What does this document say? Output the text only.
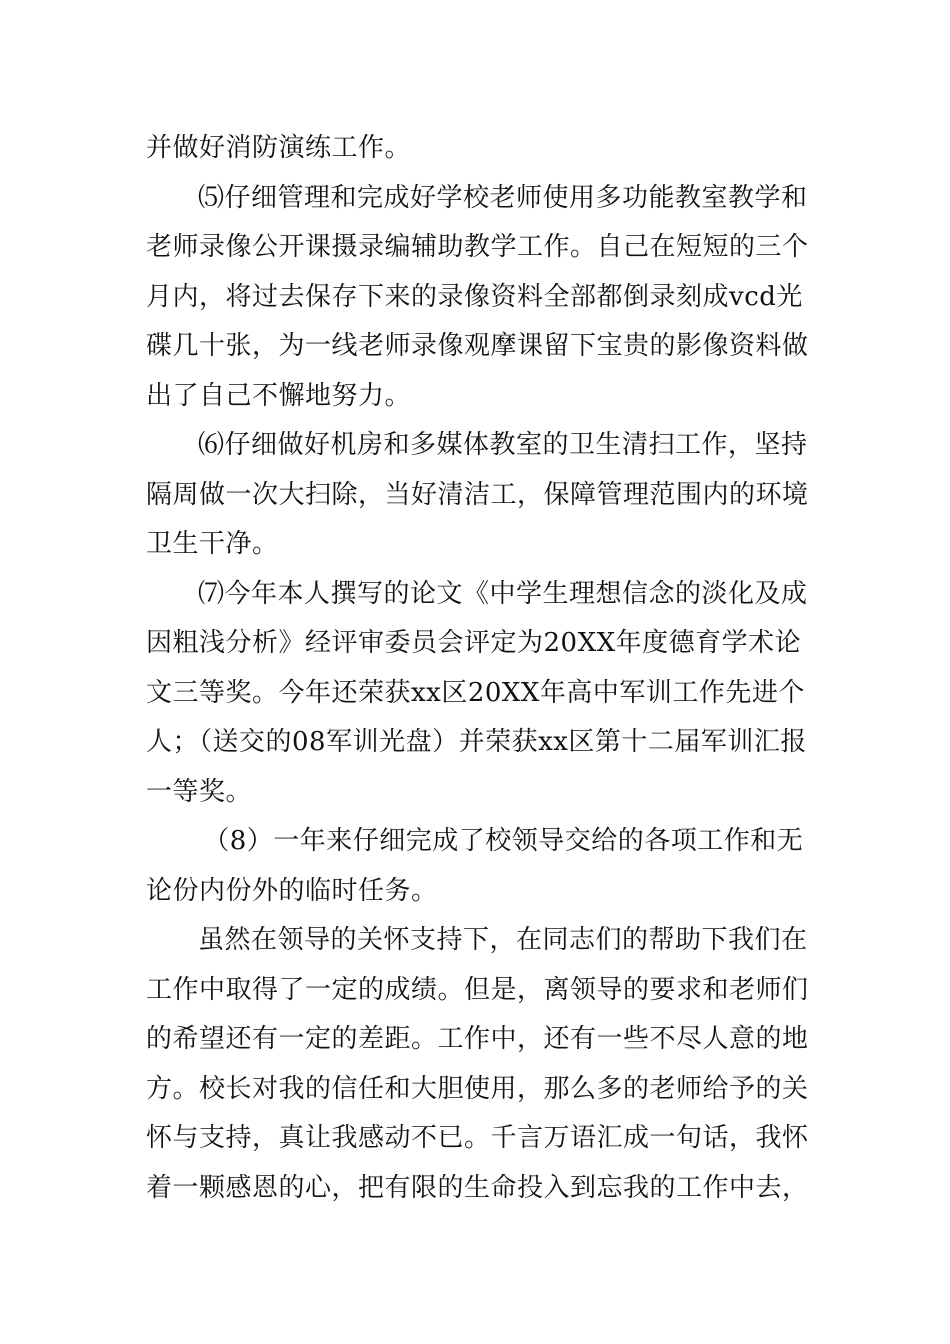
并做好消防演练工作。

⑸仔细管理和完成好学校老师使用多功能教室教学和老师录像公开课摄录编辅助教学工作。自己在短短的三个月内，将过去保存下来的录像资料全部都倒录刻成vcd光碟几十张，为一线老师录像观摩课留下宝贵的影像资料做出了自己不懈地努力。

⑹仔细做好机房和多媒体教室的卫生清扫工作，坚持隔周做一次大扫除，当好清洁工，保障管理范围内的环境卫生干净。

⑺今年本人撰写的论文《中学生理想信念的淡化及成因粗浅分析》经评审委员会评定为20XX年度德育学术论文三等奖。今年还荣获xx区20XX年高中军训工作先进个人；（送交的08军训光盘）并荣获xx区第十二届军训汇报一等奖。

（8）一年来仔细完成了校领导交给的各项工作和无论份内份外的临时任务。

虽然在领导的关怀支持下，在同志们的帮助下我们在工作中取得了一定的成绩。但是，离领导的要求和老师们的希望还有一定的差距。工作中，还有一些不尽人意的地方。校长对我的信任和大胆使用，那么多的老师给予的关怀与支持，真让我感动不已。千言万语汇成一句话，我怀着一颗感恩的心，把有限的生命投入到忘我的工作中去，
